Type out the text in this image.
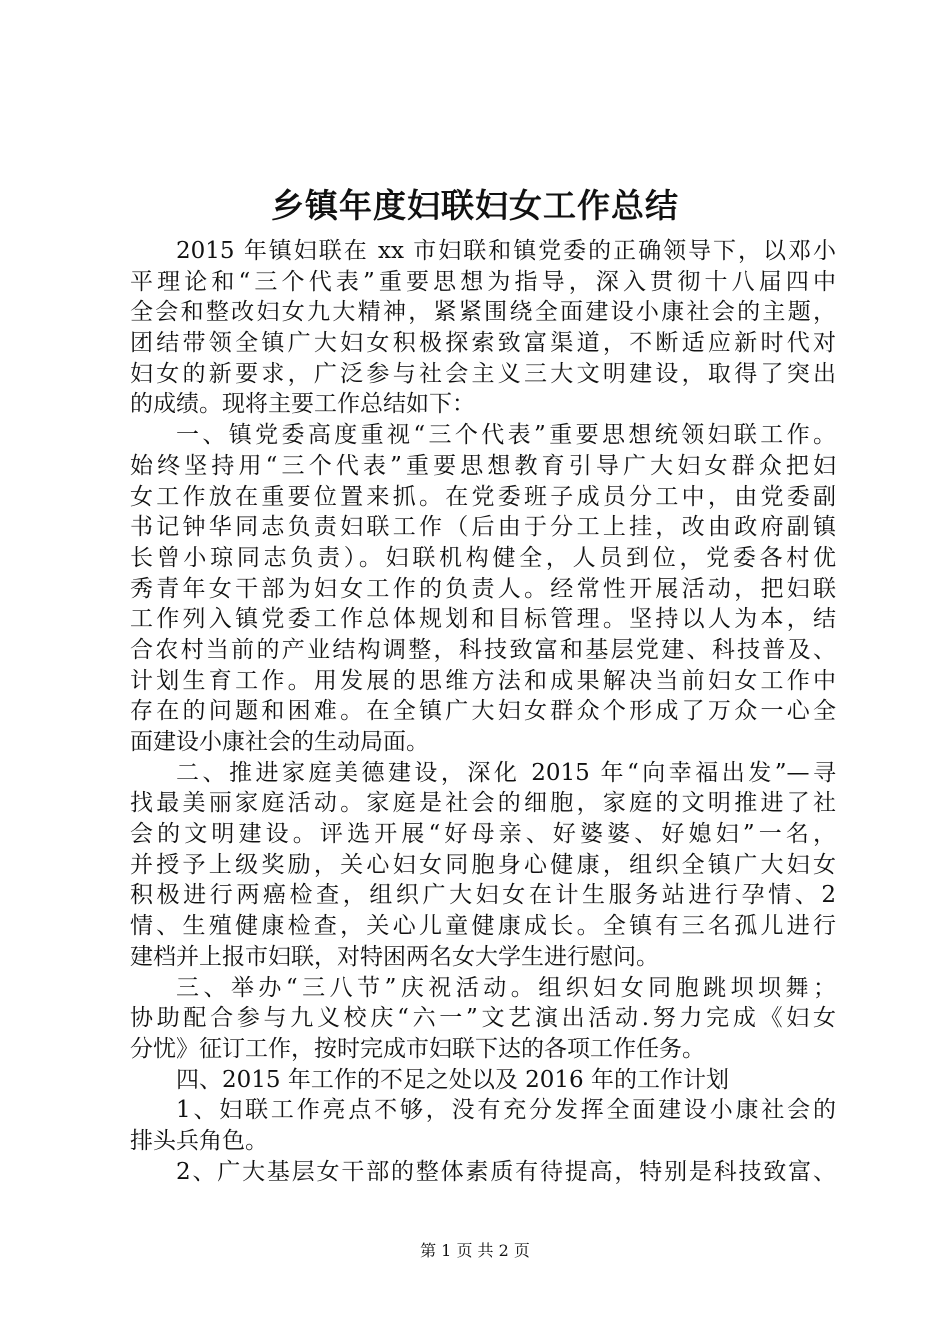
乡镇年度妇联妇女工作总结
2015 年镇妇联在 xx 市妇联和镇党委的正确领导下，以邓小
平理论和“三个代表”重要思想为指导，深入贯彻十八届四中
全会和整改妇女九大精神，紧紧围绕全面建设小康社会的主题，
团结带领全镇广大妇女积极探索致富渠道，不断适应新时代对
妇女的新要求，广泛参与社会主义三大文明建设，取得了突出
的成绩。现将主要工作总结如下：
一、镇党委高度重视“三个代表”重要思想统领妇联工作。
始终坚持用“三个代表”重要思想教育引导广大妇女群众把妇
女工作放在重要位置来抓。在党委班子成员分工中，由党委副
书记钟华同志负责妇联工作（后由于分工上挂，改由政府副镇
长曾小琼同志负责）。妇联机构健全，人员到位，党委各村优
秀青年女干部为妇女工作的负责人。经常性开展活动，把妇联
工作列入镇党委工作总体规划和目标管理。坚持以人为本，结
合农村当前的产业结构调整，科技致富和基层党建、科技普及、
计划生育工作。用发展的思维方法和成果解决当前妇女工作中
存在的问题和困难。在全镇广大妇女群众个形成了万众一心全
面建设小康社会的生动局面。
二、推进家庭美德建设，深化 2015 年“向幸福出发”—寻
找最美丽家庭活动。家庭是社会的细胞，家庭的文明推进了社
会的文明建设。评选开展“好母亲、好婆婆、好媳妇”一名，
并授予上级奖励，关心妇女同胞身心健康，组织全镇广大妇女
积极进行两癌检查，组织广大妇女在计生服务站进行孕情、2
情、生殖健康检查，关心儿童健康成长。全镇有三名孤儿进行
建档并上报市妇联，对特困两名女大学生进行慰问。
三、举办“三八节”庆祝活动。组织妇女同胞跳坝坝舞；
协助配合参与九义校庆“六一”文艺演出活动.努力完成《妇女
分忧》征订工作，按时完成市妇联下达的各项工作任务。
四、2015 年工作的不足之处以及 2016 年的工作计划
1、妇联工作亮点不够，没有充分发挥全面建设小康社会的
排头兵角色。
2、广大基层女干部的整体素质有待提高，特别是科技致富、
第 1 页 共 2 页
